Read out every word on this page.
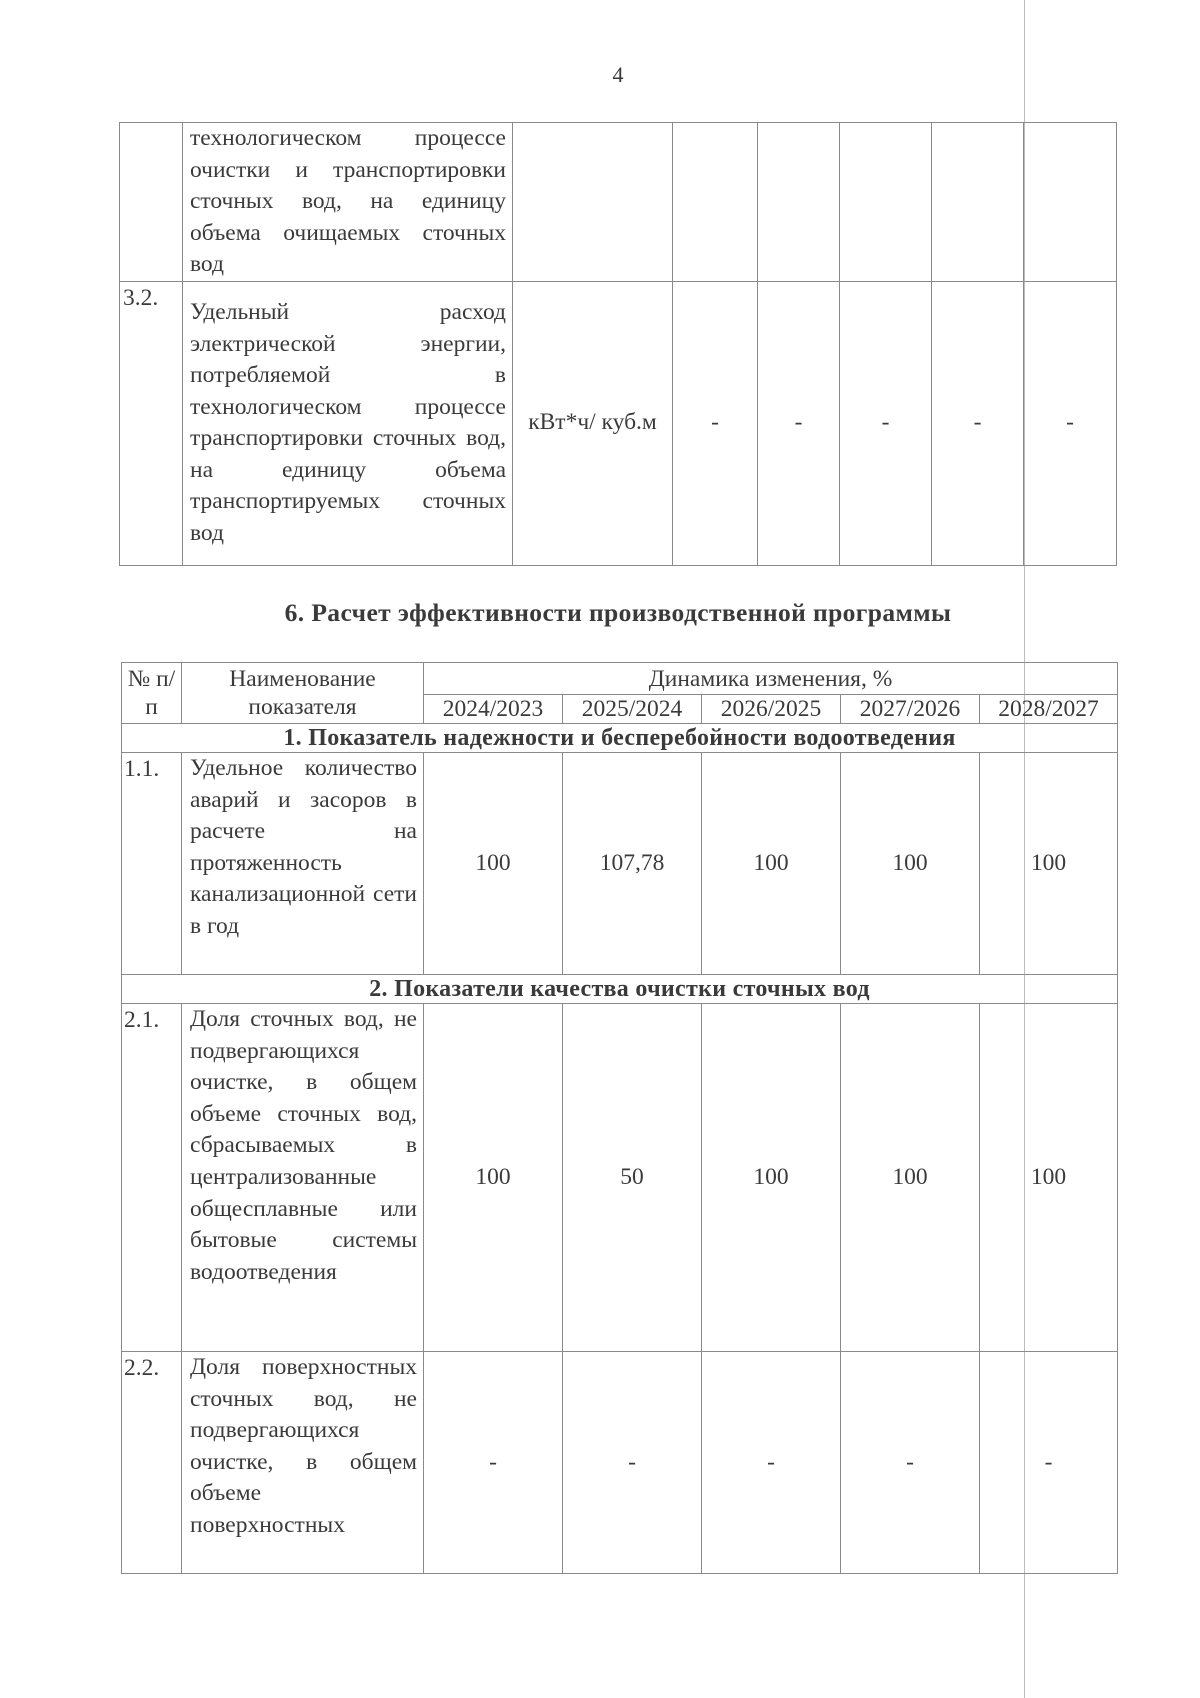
4
	технологическом процессе очистки и транспортировки сточных вод, на единицу объема очищаемых сточных вод						
3.2.	Удельный расход электрической энергии, потребляемой в технологическом процессе транспортировки сточных вод, на единицу объема транспортируемых сточных вод	кВт*ч/ куб.м	-	-	-	-	-
6. Расчет эффективности производственной программы
№ п/п	Наименование показателя	Динамика изменения, %				
		2024/2023	2025/2024	2026/2025	2027/2026	2028/2027
1. Показатель надежности и бесперебойности водоотведения						
1.1.	Удельное количество аварий и засоров в расчете на протяженность канализационной сети в год	100	107,78	100	100	100
2. Показатели качества очистки сточных вод						
2.1.	Доля сточных вод, не подвергающихся очистке, в общем объеме сточных вод, сбрасываемых в централизованные общесплавные или бытовые системы водоотведения	100	50	100	100	100
2.2.	Доля поверхностных сточных вод, не подвергающихся очистке, в общем объеме поверхностных	-	-	-	-	-
